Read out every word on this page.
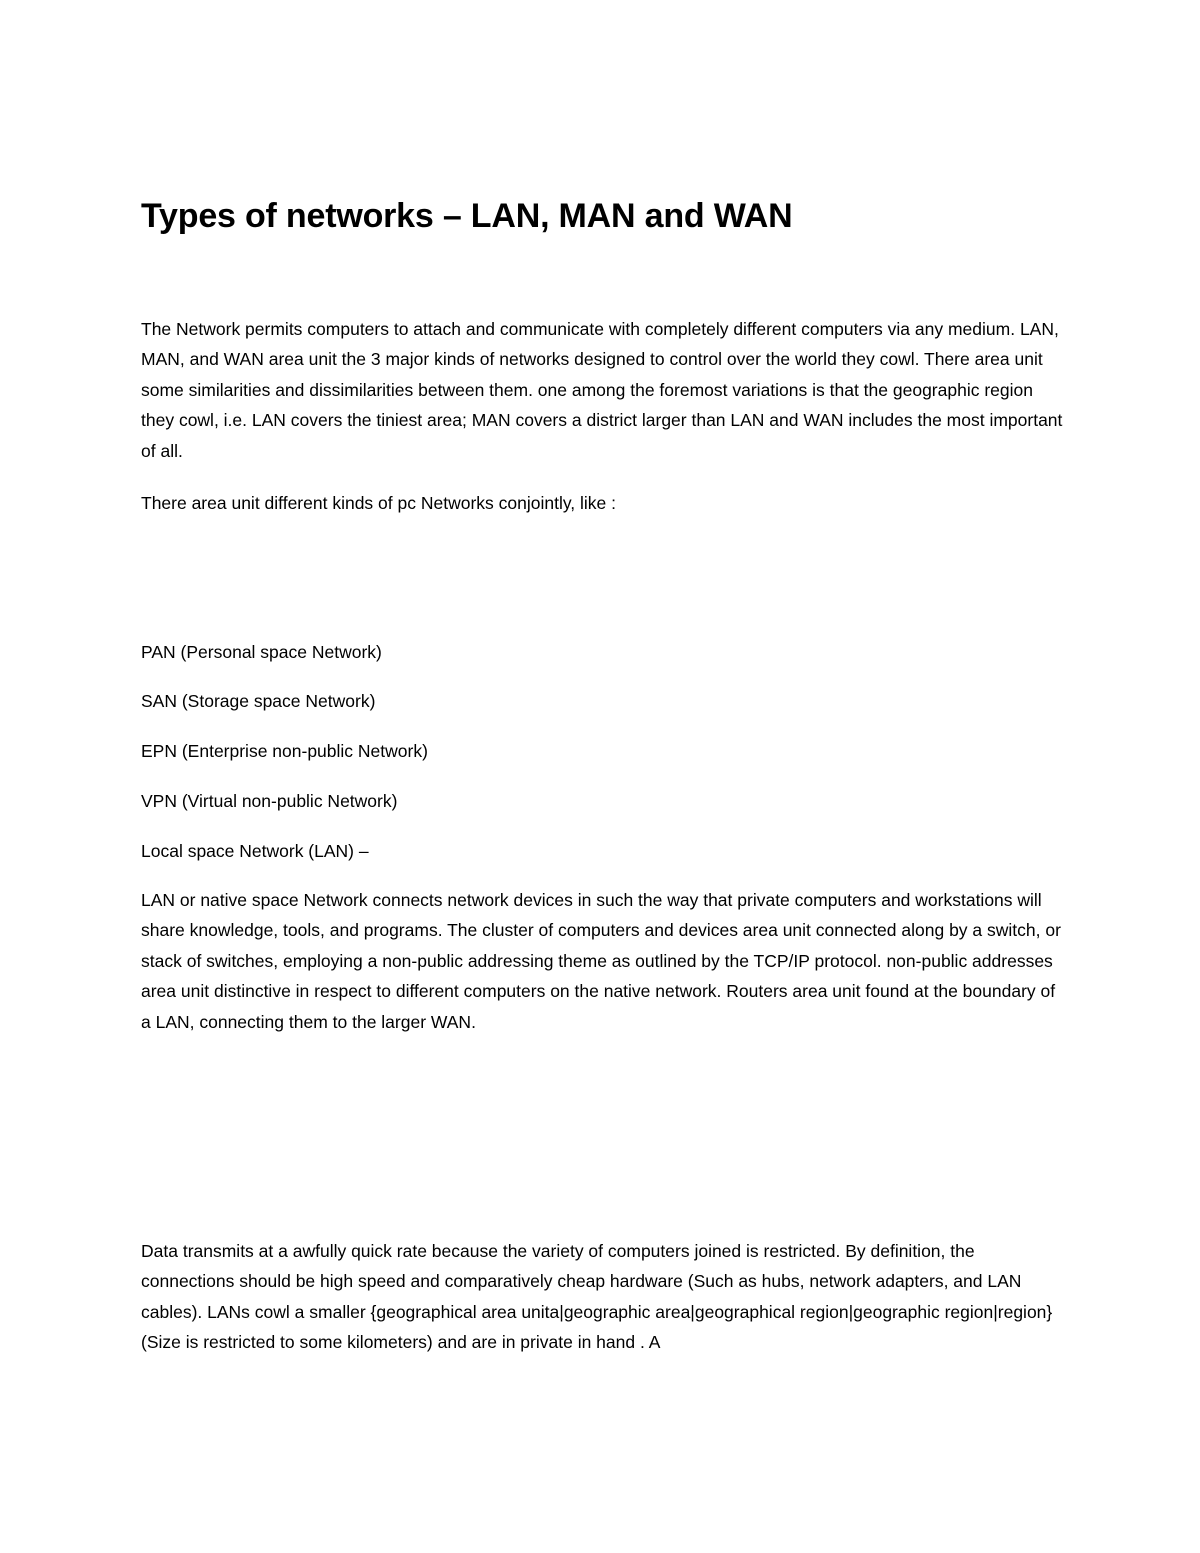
Types of networks – LAN, MAN and WAN

The Network permits computers to attach and communicate with completely different computers via any medium. LAN, MAN, and WAN area unit the 3 major kinds of networks designed to control over the world they cowl. There area unit some similarities and dissimilarities between them. one among the foremost variations is that the geographic region they cowl, i.e. LAN covers the tiniest area; MAN covers a district larger than LAN and WAN includes the most important of all.

There area unit different kinds of pc Networks conjointly, like :

PAN (Personal space Network)

SAN (Storage space Network)

EPN (Enterprise non-public Network)

VPN (Virtual non-public Network)

Local space Network (LAN) –

LAN or native space Network connects network devices in such the way that private computers and workstations will share knowledge, tools, and programs. The cluster of computers and devices area unit connected along by a switch, or stack of switches, employing a non-public addressing theme as outlined by the TCP/IP protocol. non-public addresses area unit distinctive in respect to different computers on the native network. Routers area unit found at the boundary of a LAN, connecting them to the larger WAN.

Data transmits at a awfully quick rate because the variety of computers joined is restricted. By definition, the connections should be high speed and comparatively cheap hardware (Such as hubs, network adapters, and LAN cables). LANs cowl a smaller {geographical area unita|geographic area|geographical region|geographic region|region} (Size is restricted to some kilometers) and are in private in hand . A
